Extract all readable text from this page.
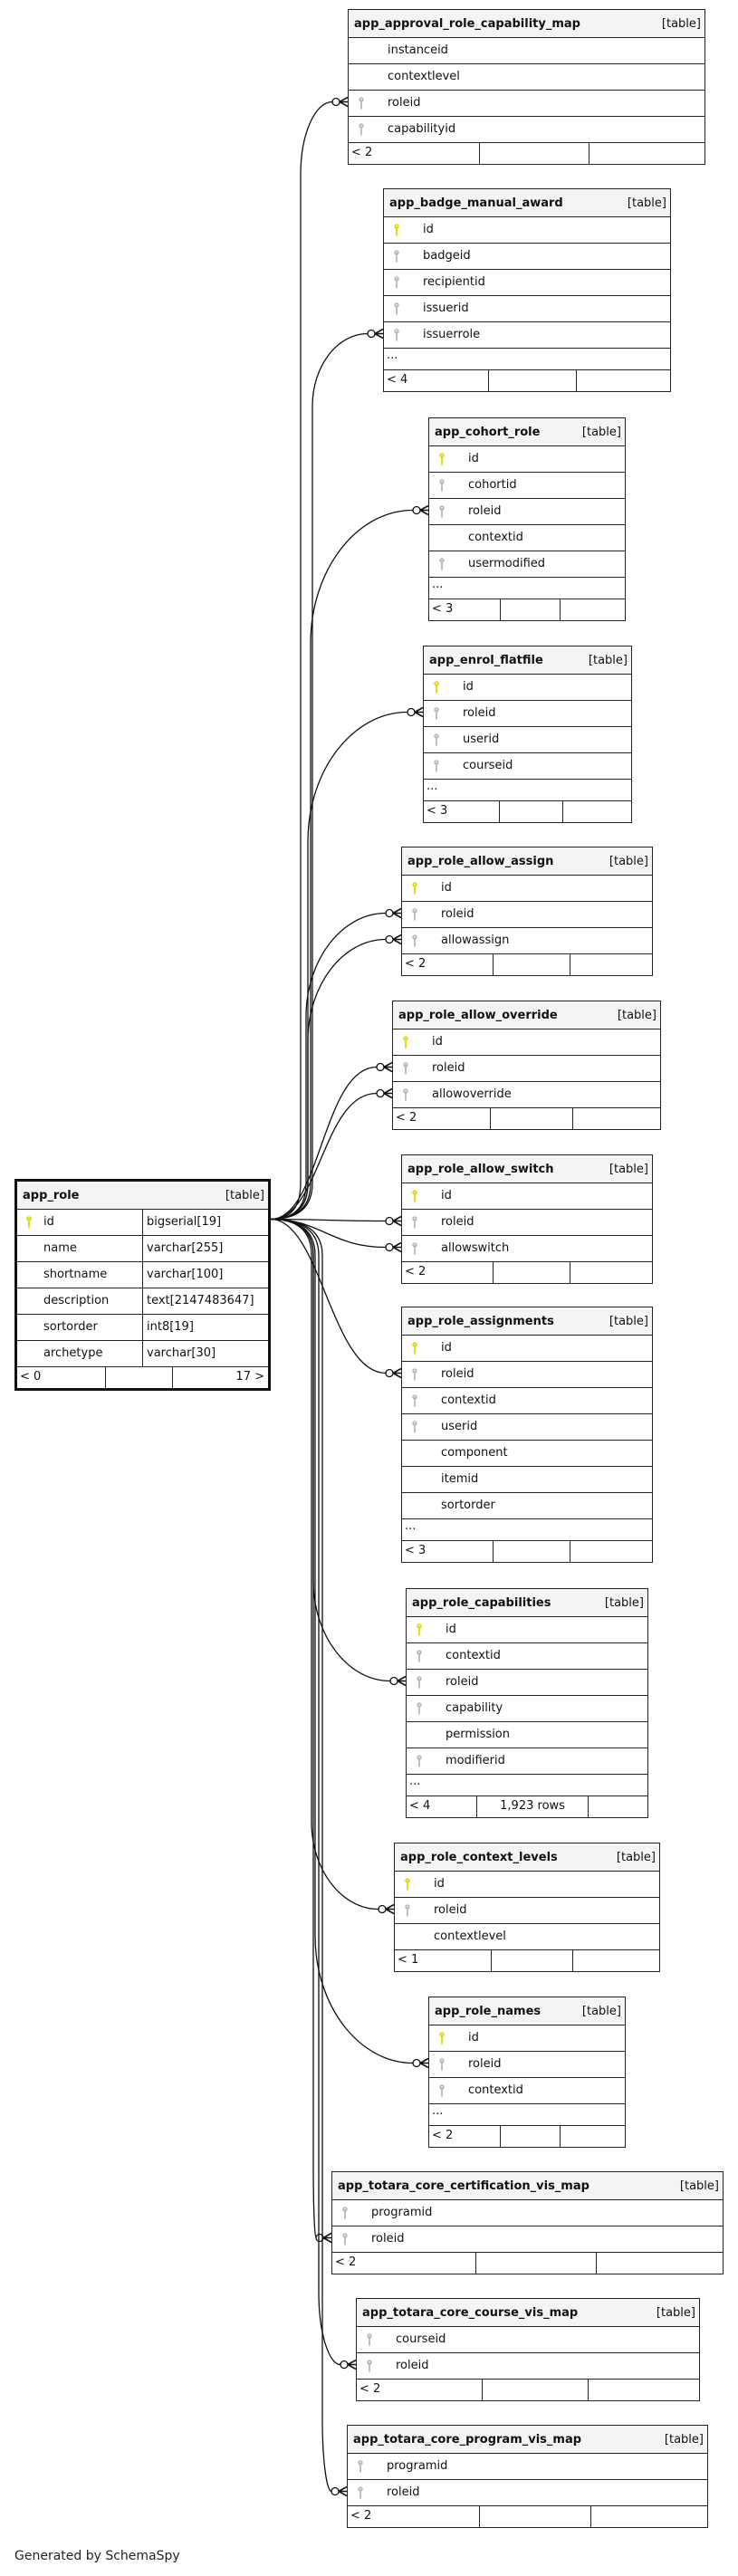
app_role	[table]
id	bigserial[19]
name	varchar[255]
shortname	varchar[100]
description	text[2147483647]
sortorder	int8[19]
archetype	varchar[30]
< 0	17 >
app_approval_role_capability_map	[table]
instanceid
contextlevel
roleid
capabilityid
< 2
app_badge_manual_award	[table]
id
badgeid
recipientid
issuerid
issuerrole
...
< 4
app_cohort_role	[table]
id
cohortid
roleid
contextid
usermodified
...
< 3
app_enrol_flatfile	[table]
id
roleid
userid
courseid
...
< 3
app_role_allow_assign	[table]
id
roleid
allowassign
< 2
app_role_allow_override	[table]
id
roleid
allowoverride
< 2
app_role_allow_switch	[table]
id
roleid
allowswitch
< 2
app_role_assignments	[table]
id
roleid
contextid
userid
component
itemid
sortorder
...
< 3
app_role_capabilities	[table]
id
contextid
roleid
capability
permission
modifierid
...
< 4	1,923 rows
app_role_context_levels	[table]
id
roleid
contextlevel
< 1
app_role_names	[table]
id
roleid
contextid
...
< 2
app_totara_core_certification_vis_map	[table]
programid
roleid
< 2
app_totara_core_course_vis_map	[table]
courseid
roleid
< 2
app_totara_core_program_vis_map	[table]
programid
roleid
< 2
Generated by SchemaSpy
